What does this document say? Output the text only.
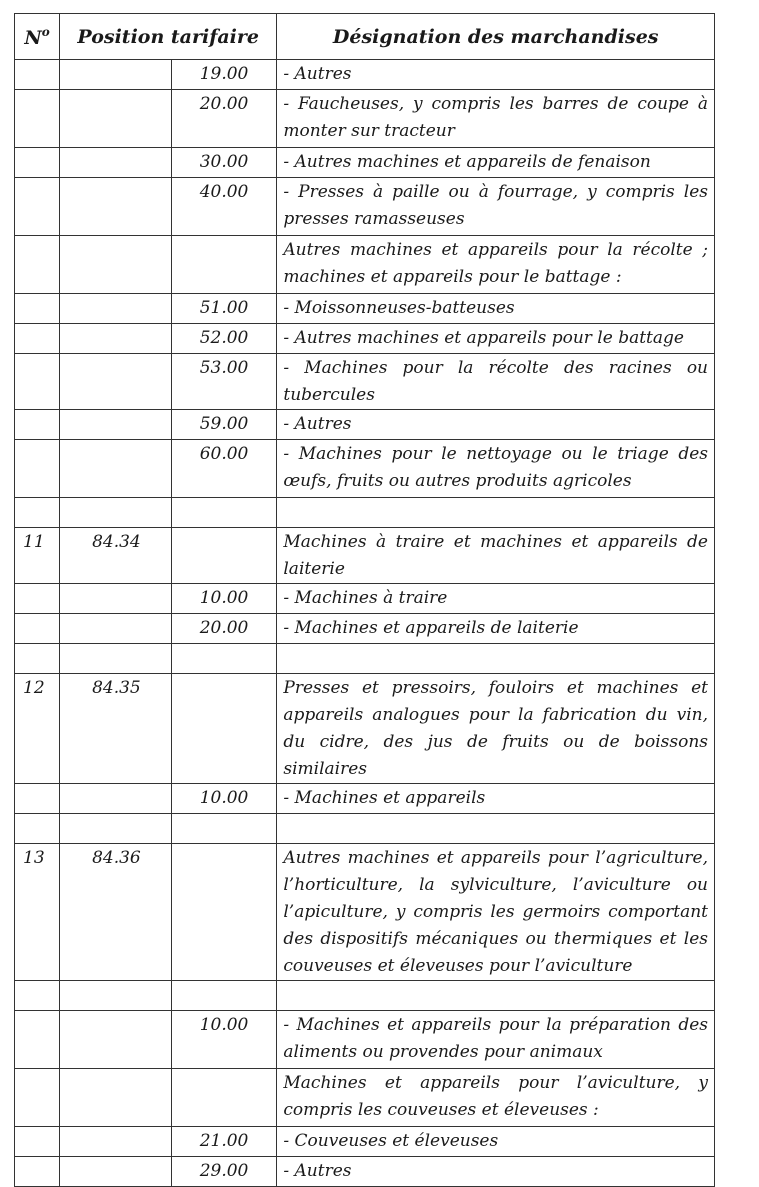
$N^o$	Position tarifaire		Désignation des marchandises

		19.00	- Autres

		20.00	- Faucheuses, y compris les barres de coupe à monter sur tracteur

		30.00	- Autres machines et appareils de fenaison

		40.00	- Presses à paille ou à fourrage, y compris les presses ramasseuses

			Autres machines et appareils pour la récolte ; machines et appareils pour le battage :

		51.00	- Moissonneuses-batteuses

		52.00	- Autres machines et appareils pour le battage

		53.00	- Machines pour la récolte des racines ou tubercules

		59.00	- Autres

		60.00	- Machines pour le nettoyage ou le triage des œufs, fruits ou autres produits agricoles

11	84.34		Machines à traire et machines et appareils de laiterie

		10.00	- Machines à traire

		20.00	- Machines et appareils de laiterie

12	84.35		Presses et pressoirs, fouloirs et machines et appareils analogues pour la fabrication du vin, du cidre, des jus de fruits ou de boissons similaires

		10.00	- Machines et appareils

13	84.36		Autres machines et appareils pour l’agriculture, l’horticulture, la sylviculture, l’aviculture ou l’apiculture, y compris les germoirs comportant des dispositifs mécaniques ou thermiques et les couveuses et éleveuses pour l’aviculture

		10.00	- Machines et appareils pour la préparation des aliments ou provendes pour animaux

			Machines et appareils pour l’aviculture, y compris les couveuses et éleveuses :

		21.00	- Couveuses et éleveuses

		29.00	- Autres
